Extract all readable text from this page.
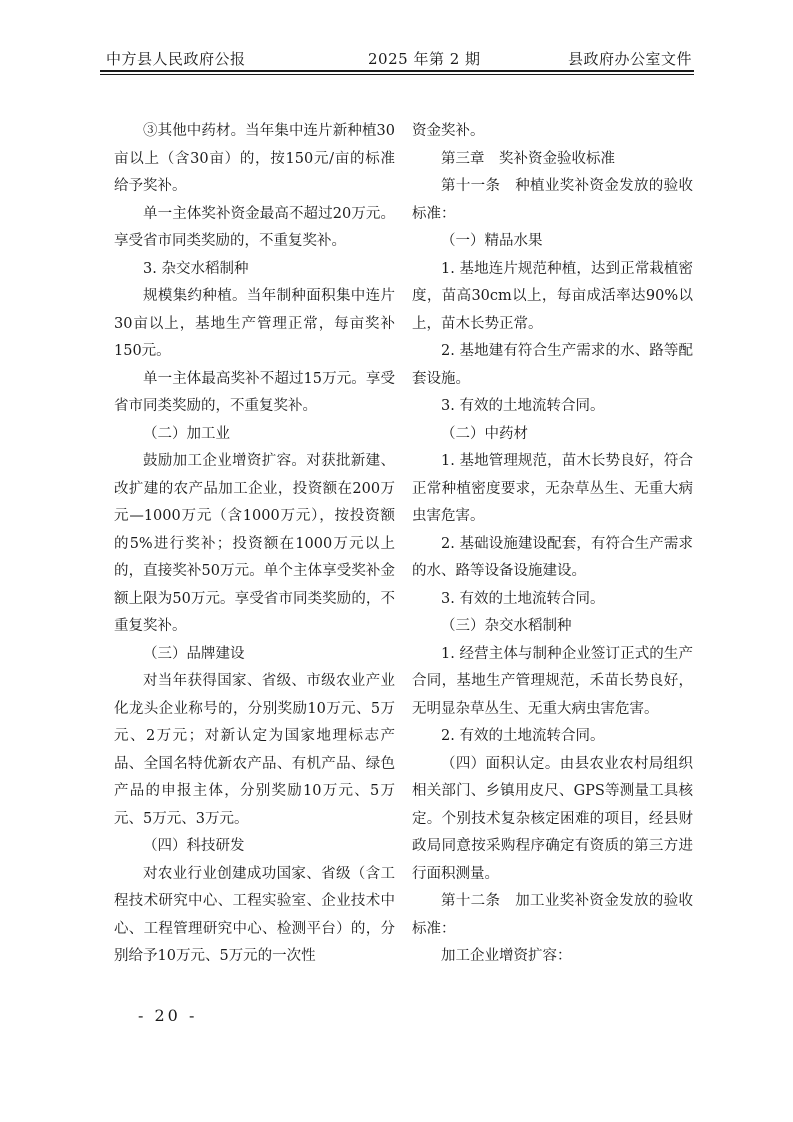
中方县人民政府公报	2025 年第 2 期	县政府办公室文件

③其他中药材。当年集中连片新种植30亩以上（含30亩）的，按150元/亩的标准给予奖补。

单一主体奖补资金最高不超过20万元。享受省市同类奖励的，不重复奖补。

3. 杂交水稻制种

规模集约种植。当年制种面积集中连片30亩以上，基地生产管理正常，每亩奖补150元。

单一主体最高奖补不超过15万元。享受省市同类奖励的，不重复奖补。

（二）加工业

鼓励加工企业增资扩容。对获批新建、改扩建的农产品加工企业，投资额在200万元—1000万元（含1000万元），按投资额的5%进行奖补；投资额在1000万元以上的，直接奖补50万元。单个主体享受奖补金额上限为50万元。享受省市同类奖励的，不重复奖补。

（三）品牌建设

对当年获得国家、省级、市级农业产业化龙头企业称号的，分别奖励10万元、5万元、2万元；对新认定为国家地理标志产品、全国名特优新农产品、有机产品、绿色产品的申报主体，分别奖励10万元、5万元、5万元、3万元。

（四）科技研发

对农业行业创建成功国家、省级（含工程技术研究中心、工程实验室、企业技术中心、工程管理研究中心、检测平台）的，分别给予10万元、5万元的一次性

资金奖补。

第三章　奖补资金验收标准

第十一条　种植业奖补资金发放的验收标准：

（一）精品水果

1. 基地连片规范种植，达到正常栽植密度，苗高30cm以上，每亩成活率达90%以上，苗木长势正常。

2. 基地建有符合生产需求的水、路等配套设施。

3. 有效的土地流转合同。

（二）中药材

1. 基地管理规范，苗木长势良好，符合正常种植密度要求，无杂草丛生、无重大病虫害危害。

2. 基础设施建设配套，有符合生产需求的水、路等设备设施建设。

3. 有效的土地流转合同。

（三）杂交水稻制种

1. 经营主体与制种企业签订正式的生产合同，基地生产管理规范，禾苗长势良好，无明显杂草丛生、无重大病虫害危害。

2. 有效的土地流转合同。

（四）面积认定。由县农业农村局组织相关部门、乡镇用皮尺、GPS等测量工具核定。个别技术复杂核定困难的项目，经县财政局同意按采购程序确定有资质的第三方进行面积测量。

第十二条　加工业奖补资金发放的验收标准：

加工企业增资扩容：

- 20 -
